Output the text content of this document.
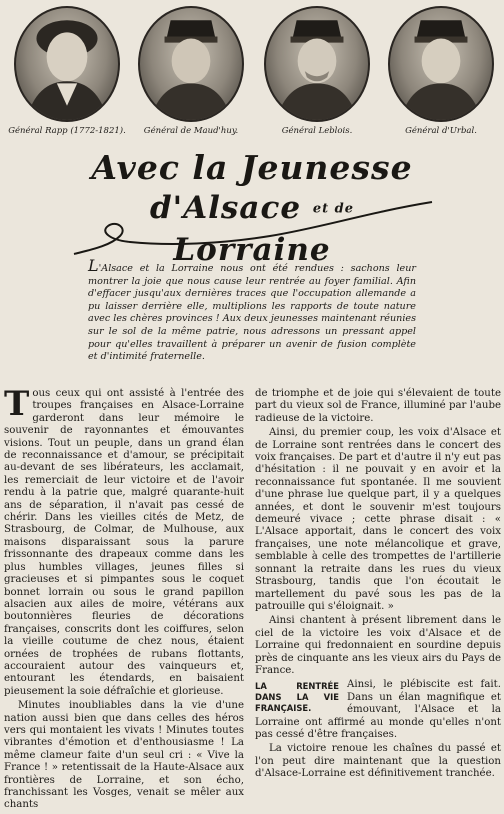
Général Rapp (1772-1821).	Général de Maud'huy.	Général Leblois.	Général d'Urbal.
Avec la Jeunesse
d'Alsace et de Lorraine
L'Alsace et la Lorraine nous ont été rendues : sachons leur montrer la joie que nous cause leur rentrée au foyer familial. Afin d'effacer jusqu'aux dernières traces que l'occupation allemande a pu laisser derrière elle, multiplions les rapports de toute nature avec les chères provinces ! Aux deux jeunesses maintenant réunies sur le sol de la même patrie, nous adressons un pressant appel pour qu'elles travaillent à préparer un avenir de fusion complète et d'intimité fraternelle.

Tous ceux qui ont assisté à l'entrée des troupes françaises en Alsace-Lorraine garderont dans leur mémoire le souvenir de rayonnantes et émouvantes visions. Tout un peuple, dans un grand élan de reconnaissance et d'amour, se précipitait au-devant de ses libérateurs, les acclamait, les remerciait de leur victoire et de l'avoir rendu à la patrie que, malgré quarante-huit ans de séparation, il n'avait pas cessé de chérir. Dans les vieilles cités de Metz, de Strasbourg, de Colmar, de Mulhouse, aux maisons disparaissant sous la parure frissonnante des drapeaux comme dans les plus humbles villages, jeunes filles si gracieuses et si pimpantes sous le coquet bonnet lorrain ou sous le grand papillon alsacien aux ailes de moire, vétérans aux boutonnières fleuries de décorations françaises, conscrits dont les coiffures, selon la vieille coutume de chez nous, étaient ornées de trophées de rubans flottants, accouraient autour des vainqueurs et, entourant les étendards, en baisaient pieusement la soie défraîchie et glorieuse.

Minutes inoubliables dans la vie d'une nation aussi bien que dans celles des héros vers qui montaient les vivats ! Minutes toutes vibrantes d'émotion et d'enthousiasme ! La même clameur faite d'un seul cri : « Vive la France ! » retentissait de la Haute-Alsace aux frontières de Lorraine, et son écho, franchissant les Vosges, venait se mêler aux chants

de triomphe et de joie qui s'élevaient de toute part du vieux sol de France, illuminé par l'aube radieuse de la victoire.

Ainsi, du premier coup, les voix d'Alsace et de Lorraine sont rentrées dans le concert des voix françaises. De part et d'autre il n'y eut pas d'hésitation : il ne pouvait y en avoir et la reconnaissance fut spontanée. Il me souvient d'une phrase lue quelque part, il y a quelques années, et dont le souvenir m'est toujours demeuré vivace ; cette phrase disait : « L'Alsace apportait, dans le concert des voix françaises, une note mélancolique et grave, semblable à celle des trompettes de l'artillerie sonnant la retraite dans les rues du vieux Strasbourg, tandis que l'on écoutait le martellement du pavé sous les pas de la patrouille qui s'éloignait. »

Ainsi chantent à présent librement dans le ciel de la victoire les voix d'Alsace et de Lorraine qui fredonnaient en sourdine depuis près de cinquante ans les vieux airs du Pays de France.

LA RENTRÉE DANS LA VIE FRANÇAISE.
Ainsi, le plébiscite est fait. Dans un élan magnifique et émouvant, l'Alsace et la Lorraine ont affirmé au monde qu'elles n'ont pas cessé d'être françaises.

La victoire renoue les chaînes du passé et l'on peut dire maintenant que la question d'Alsace-Lorraine est définitivement tranchée.
